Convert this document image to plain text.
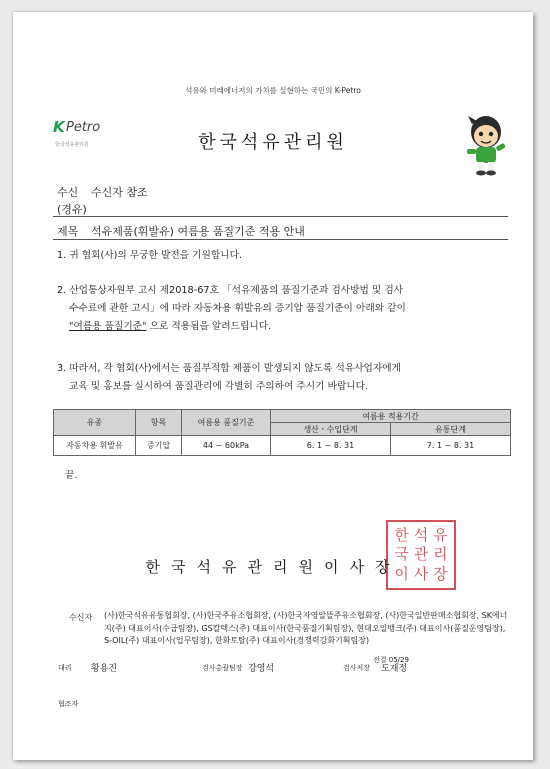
석유와 미래에너지의 가치를 실현하는 국민의 K-Petro
K Petro
한국석유관리원	한국석유관리원
수신 수신자 참조
(경유)
제목 석유제품(휘발유) 여름용 품질기준 적용 안내
1. 귀 협회(사)의 무궁한 발전을 기원합니다.
2. 산업통상자원부 고시 제2018-67호 「석유제품의 품질기준과 검사방법 및 검사
수수료에 관한 고시」에 따라 자동차용 휘발유의 증기압 품질기준이 아래와 같이
"여름용 품질기준" 으로 적용됨을 알려드립니다.
3. 따라서, 각 협회(사)에서는 품질부적합 제품이 발생되지 않도록 석유사업자에게
교육 및 홍보를 실시하여 품질관리에 각별히 주의하여 주시기 바랍니다.
유종	항목	여름용 품질기준	여름용 적용기간	
			생산ㆍ수입단계	유통단계
자동차용 휘발유	증기압	44 ~ 60kPa	6. 1 ~ 8. 31	7. 1 ~ 8. 31
끝.
한 석 유
국 관 리
이 사 장
한국석유관리원이사장
수신자 (사)한국석유유통협회장, (사)한국주유소협회장, (사)한국자영알뜰주유소협회장, (사)한국일반판매소협회장, SK에너지(주) 대표이사(수급팀장), GS칼텍스(주) 대표이사(한국품질기획팀장), 현대오일뱅크(주) 대표이사(품질운영팀장), S-OIL(주) 대표이사(업무팀장), 한화토탈(주) 대표이사(경쟁력강화기획팀장)
대리 황용진	검사총괄팀장 강영석
전결 05/29
검사처장 도재정
협조자
